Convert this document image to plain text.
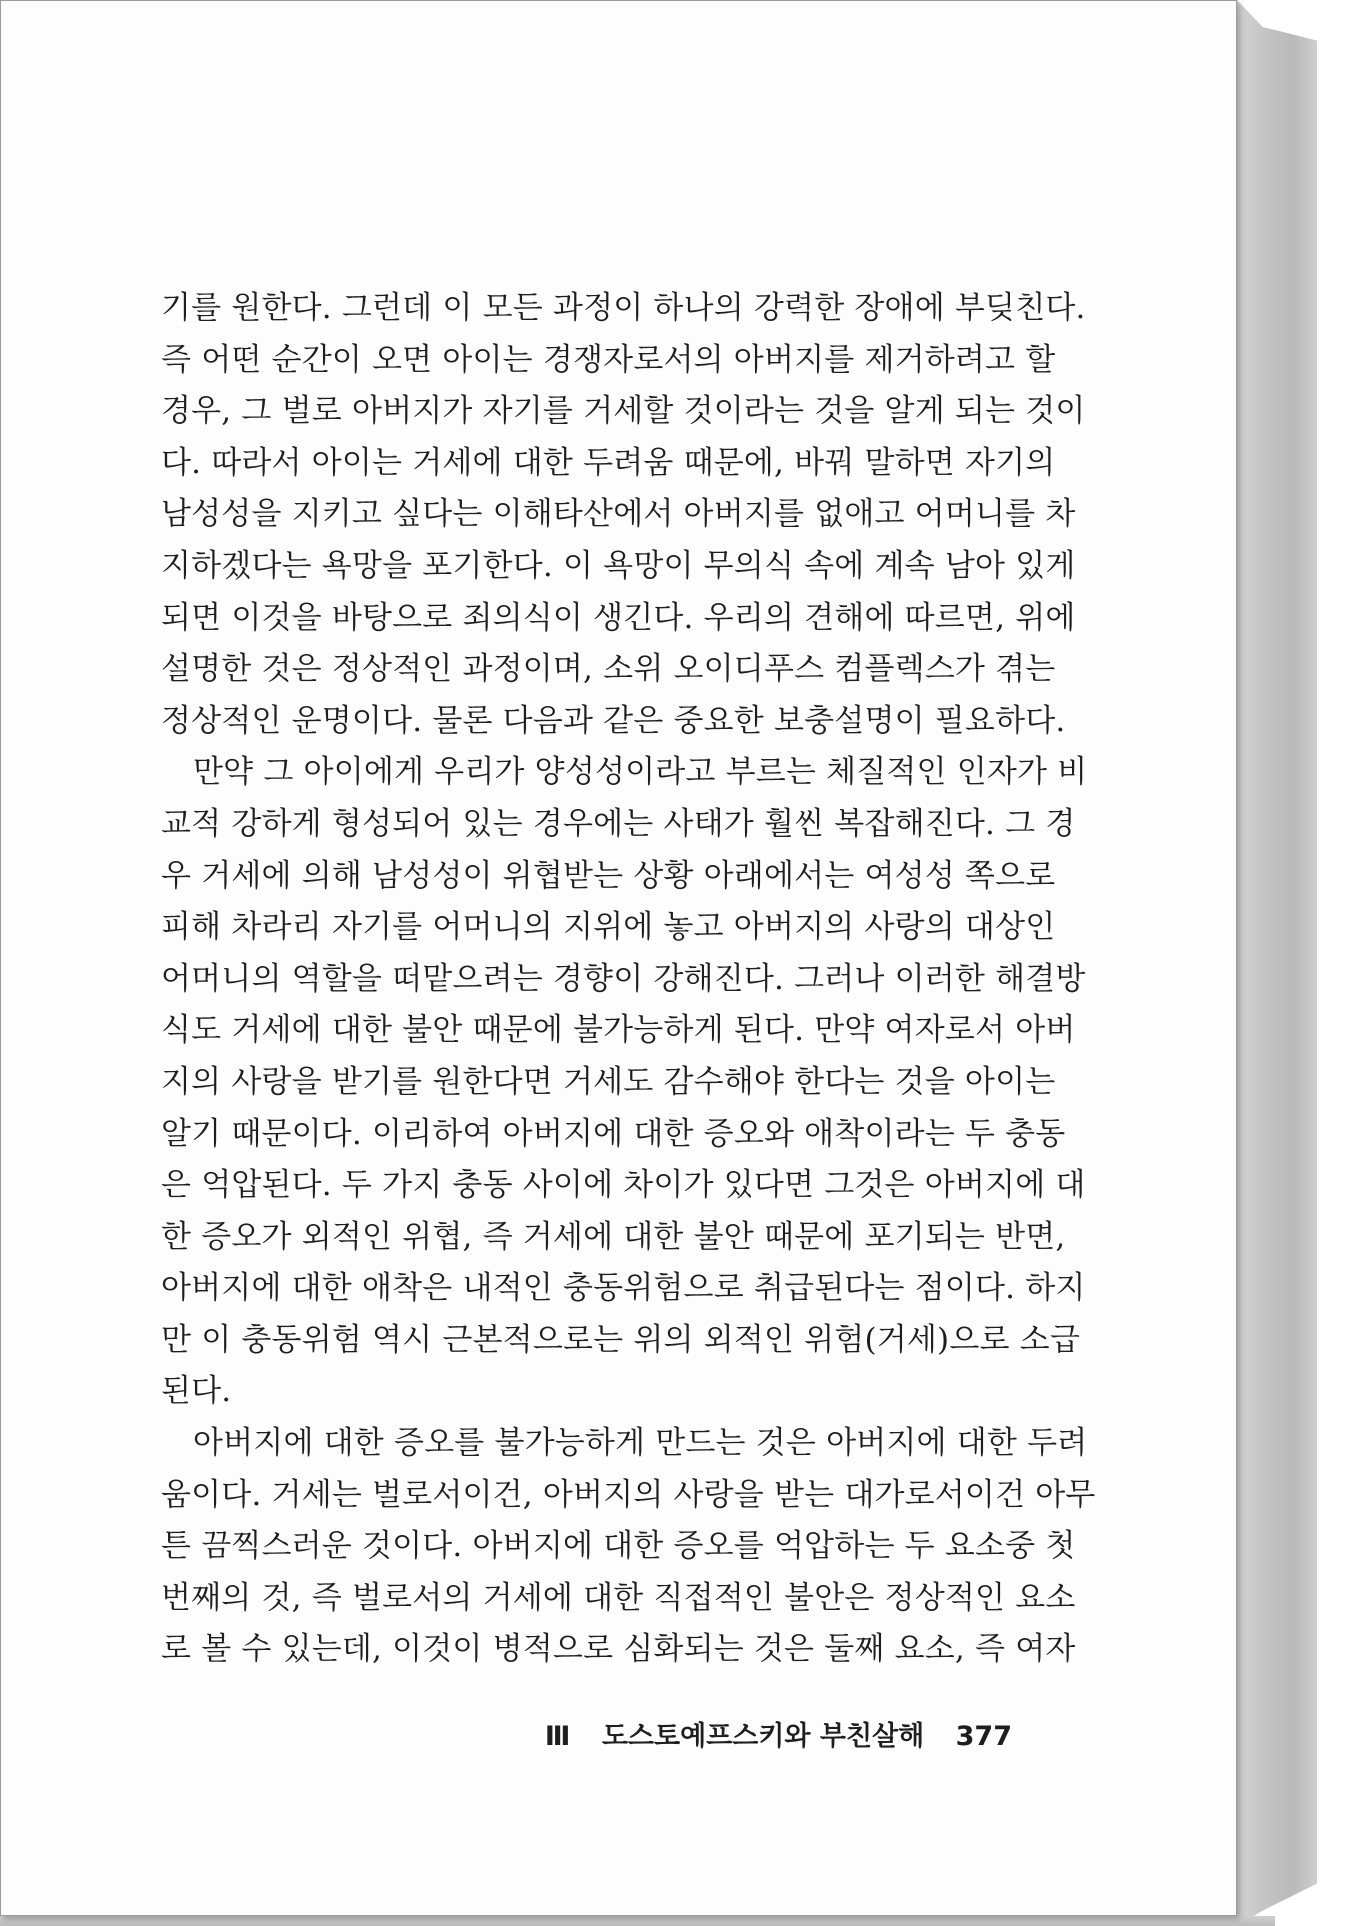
기를 원한다. 그런데 이 모든 과정이 하나의 강력한 장애에 부딪친다.
즉 어떤 순간이 오면 아이는 경쟁자로서의 아버지를 제거하려고 할
경우, 그 벌로 아버지가 자기를 거세할 것이라는 것을 알게 되는 것이
다. 따라서 아이는 거세에 대한 두려움 때문에, 바꿔 말하면 자기의
남성성을 지키고 싶다는 이해타산에서 아버지를 없애고 어머니를 차
지하겠다는 욕망을 포기한다. 이 욕망이 무의식 속에 계속 남아 있게
되면 이것을 바탕으로 죄의식이 생긴다. 우리의 견해에 따르면, 위에
설명한 것은 정상적인 과정이며, 소위 오이디푸스 컴플렉스가 겪는
정상적인 운명이다. 물론 다음과 같은 중요한 보충설명이 필요하다.
만약 그 아이에게 우리가 양성성이라고 부르는 체질적인 인자가 비
교적 강하게 형성되어 있는 경우에는 사태가 훨씬 복잡해진다. 그 경
우 거세에 의해 남성성이 위협받는 상황 아래에서는 여성성 쪽으로
피해 차라리 자기를 어머니의 지위에 놓고 아버지의 사랑의 대상인
어머니의 역할을 떠맡으려는 경향이 강해진다. 그러나 이러한 해결방
식도 거세에 대한 불안 때문에 불가능하게 된다. 만약 여자로서 아버
지의 사랑을 받기를 원한다면 거세도 감수해야 한다는 것을 아이는
알기 때문이다. 이리하여 아버지에 대한 증오와 애착이라는 두 충동
은 억압된다. 두 가지 충동 사이에 차이가 있다면 그것은 아버지에 대
한 증오가 외적인 위협, 즉 거세에 대한 불안 때문에 포기되는 반면,
아버지에 대한 애착은 내적인 충동위험으로 취급된다는 점이다. 하지
만 이 충동위험 역시 근본적으로는 위의 외적인 위험(거세)으로 소급
된다.
아버지에 대한 증오를 불가능하게 만드는 것은 아버지에 대한 두려
움이다. 거세는 벌로서이건, 아버지의 사랑을 받는 대가로서이건 아무
튼 끔찍스러운 것이다. 아버지에 대한 증오를 억압하는 두 요소중 첫
번째의 것, 즉 벌로서의 거세에 대한 직접적인 불안은 정상적인 요소
로 볼 수 있는데, 이것이 병적으로 심화되는 것은 둘째 요소, 즉 여자
Ⅲ 도스토예프스키와 부친살해 377
